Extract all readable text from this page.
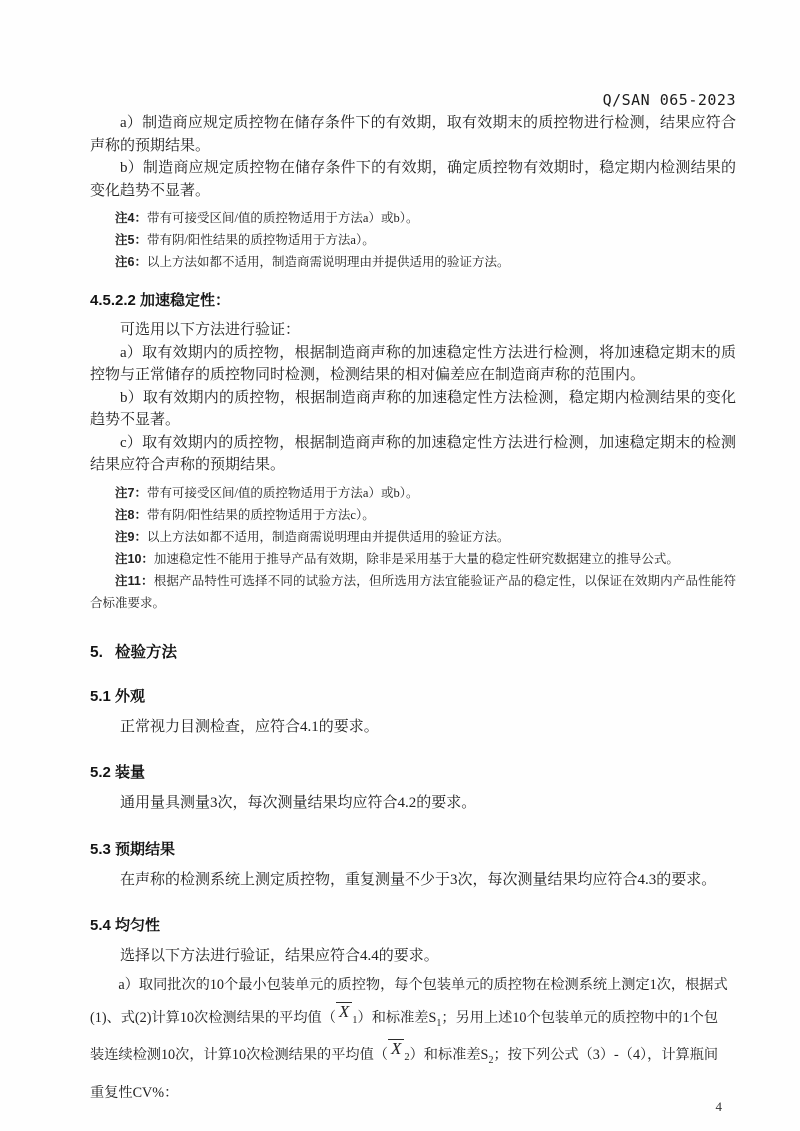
Q/SAN 065-2023

a）制造商应规定质控物在储存条件下的有效期，取有效期末的质控物进行检测，结果应符合声称的预期结果。

b）制造商应规定质控物在储存条件下的有效期，确定质控物有效期时，稳定期内检测结果的变化趋势不显著。

注4：带有可接受区间/值的质控物适用于方法a）或b）。
注5：带有阴/阳性结果的质控物适用于方法a）。
注6：以上方法如都不适用，制造商需说明理由并提供适用的验证方法。
4.5.2.2 加速稳定性：

可选用以下方法进行验证：

a）取有效期内的质控物，根据制造商声称的加速稳定性方法进行检测，将加速稳定期末的质控物与正常储存的质控物同时检测，检测结果的相对偏差应在制造商声称的范围内。

b）取有效期内的质控物，根据制造商声称的加速稳定性方法检测，稳定期内检测结果的变化趋势不显著。

c）取有效期内的质控物，根据制造商声称的加速稳定性方法进行检测，加速稳定期末的检测结果应符合声称的预期结果。

注7：带有可接受区间/值的质控物适用于方法a）或b）。
注8：带有阴/阳性结果的质控物适用于方法c）。
注9：以上方法如都不适用，制造商需说明理由并提供适用的验证方法。
注10：加速稳定性不能用于推导产品有效期，除非是采用基于大量的稳定性研究数据建立的推导公式。
注11：根据产品特性可选择不同的试验方法，但所选用方法宜能验证产品的稳定性，以保证在效期内产品性能符合标准要求。
5. 检验方法
5.1 外观

正常视力目测检查，应符合4.1的要求。

5.2 装量

通用量具测量3次，每次测量结果均应符合4.2的要求。

5.3 预期结果

在声称的检测系统上测定质控物，重复测量不少于3次，每次测量结果均应符合4.3的要求。

5.4 均匀性

选择以下方法进行验证，结果应符合4.4的要求。

a）取同批次的10个最小包装单元的质控物，每个包装单元的质控物在检测系统上测定1次，根据式
(1)、式(2)计算10次检测结果的平均值（ X $_1$）和标准差$S_1$；另用上述10个包装单元的质控物中的1个包
装连续检测10次，计算10次检测结果的平均值（ X $_2$）和标准差$S_2$；按下列公式（3）-（4），计算瓶间
重复性CV%：
4
